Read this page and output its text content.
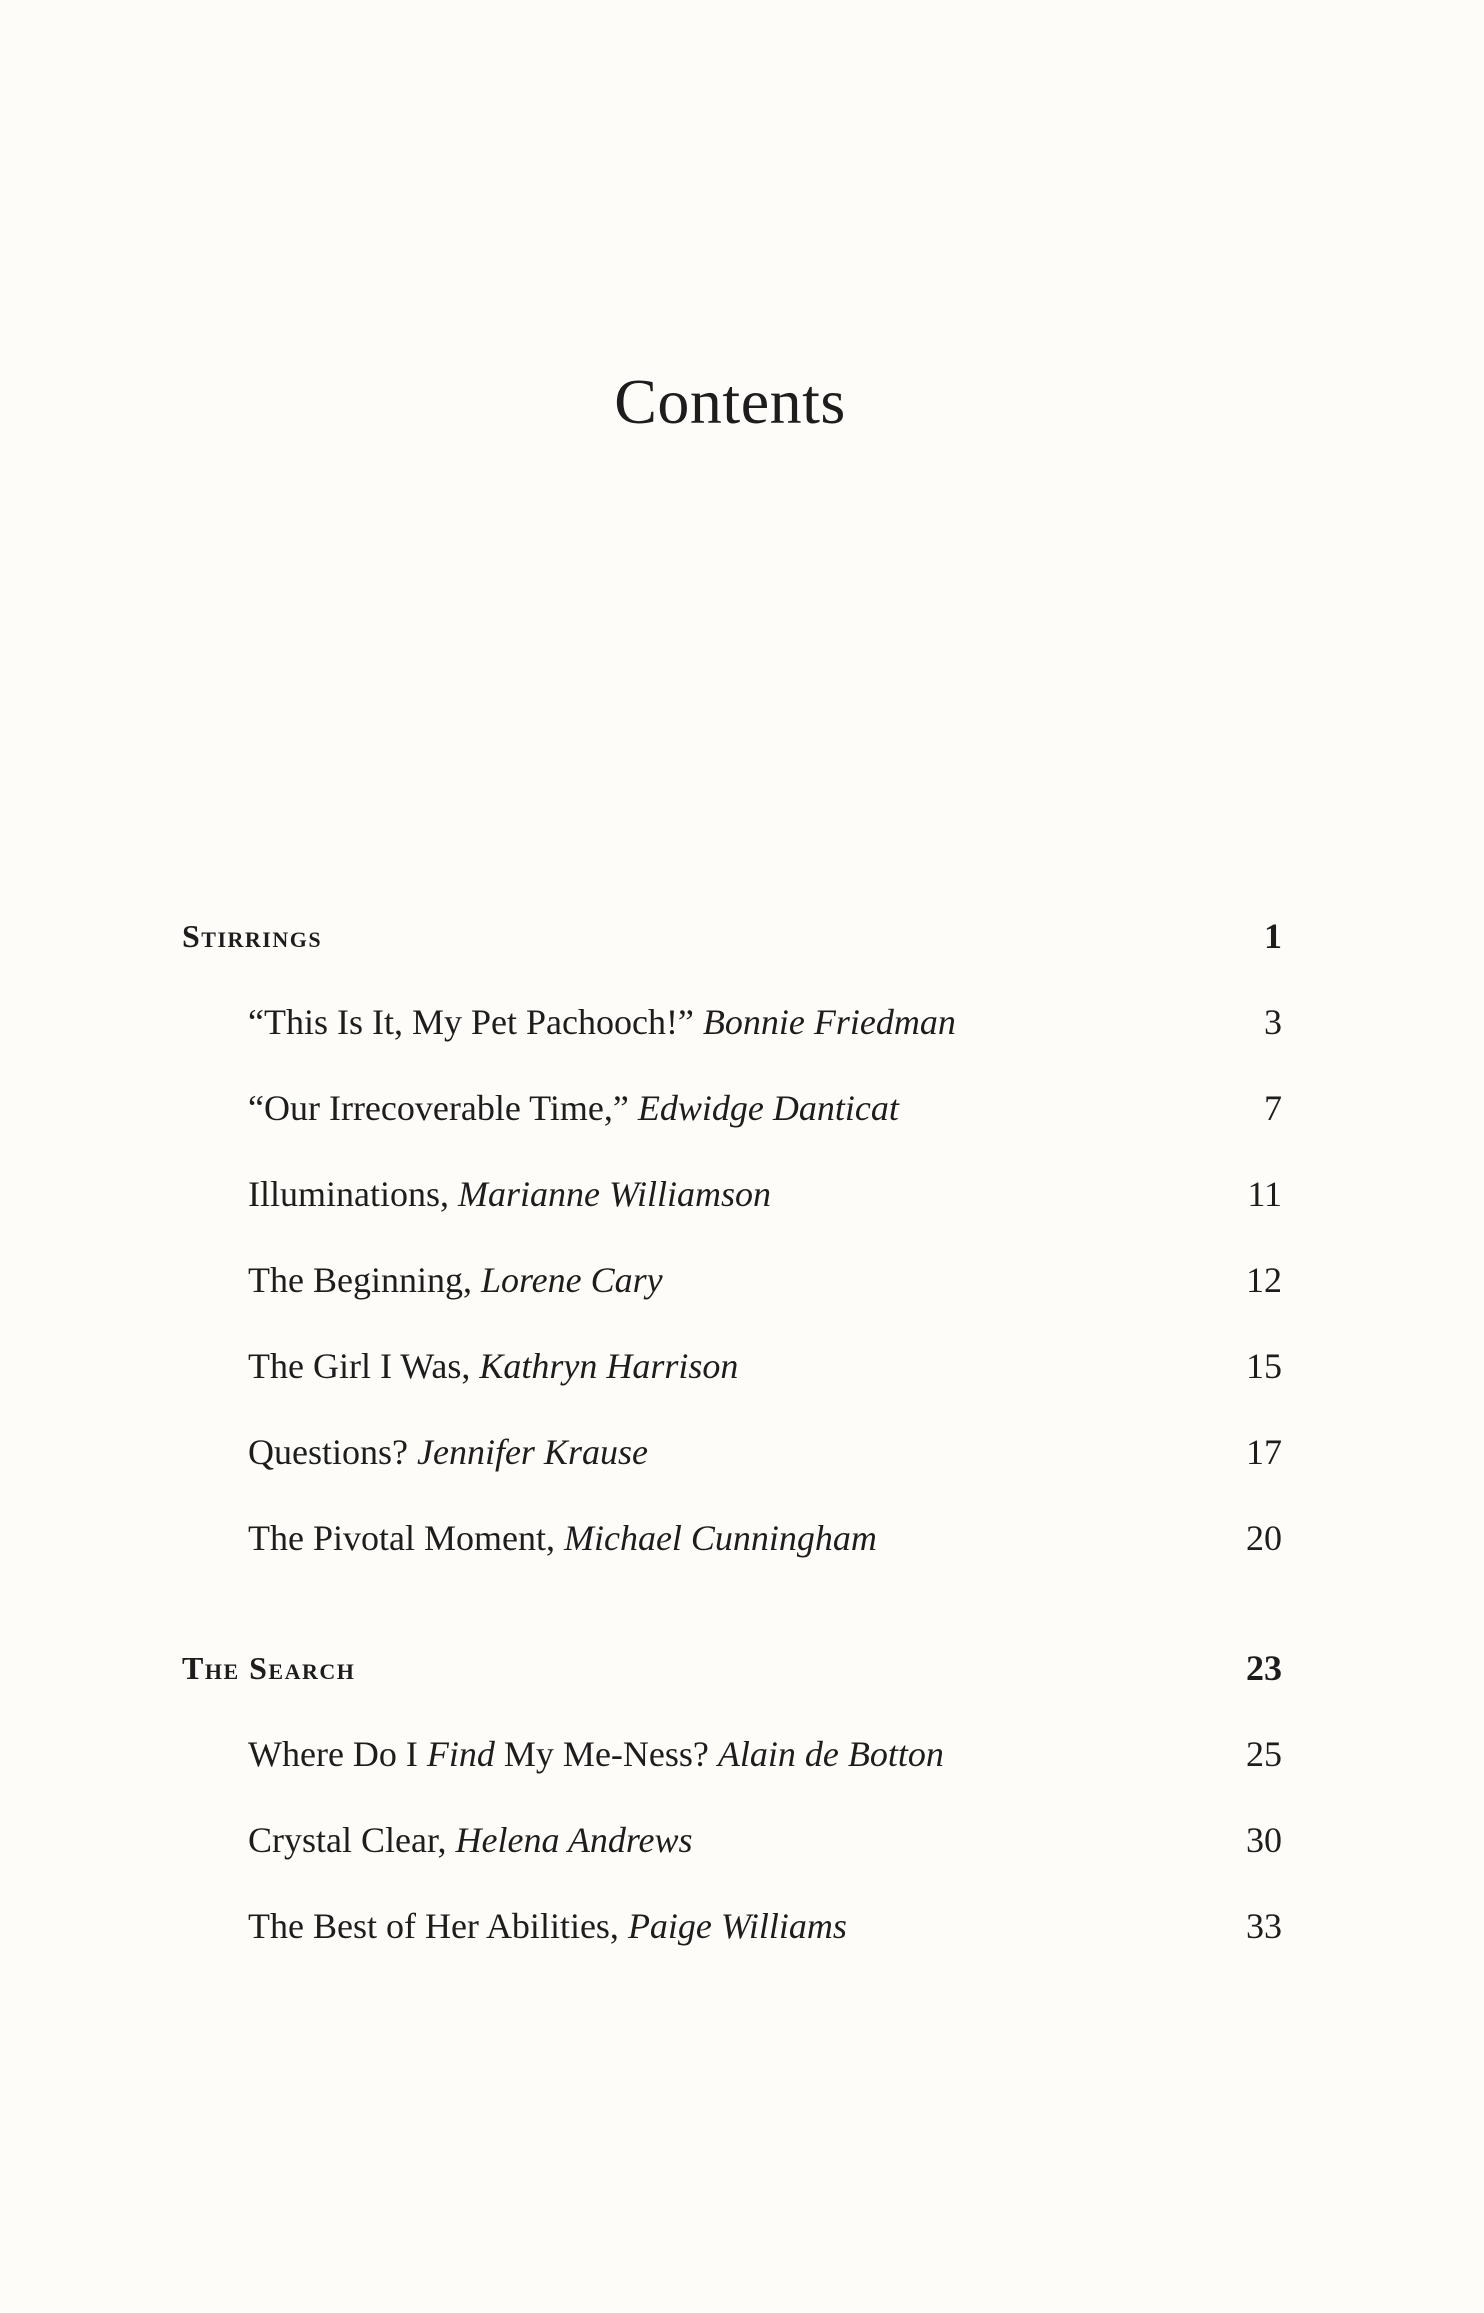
Contents
Stirrings	1
“This Is It, My Pet Pachooch!” Bonnie Friedman	3
“Our Irrecoverable Time,” Edwidge Danticat	7
Illuminations, Marianne Williamson	11
The Beginning, Lorene Cary	12
The Girl I Was, Kathryn Harrison	15
Questions? Jennifer Krause	17
The Pivotal Moment, Michael Cunningham	20
The Search	23
Where Do I Find My Me-Ness? Alain de Botton	25
Crystal Clear, Helena Andrews	30
The Best of Her Abilities, Paige Williams	33
